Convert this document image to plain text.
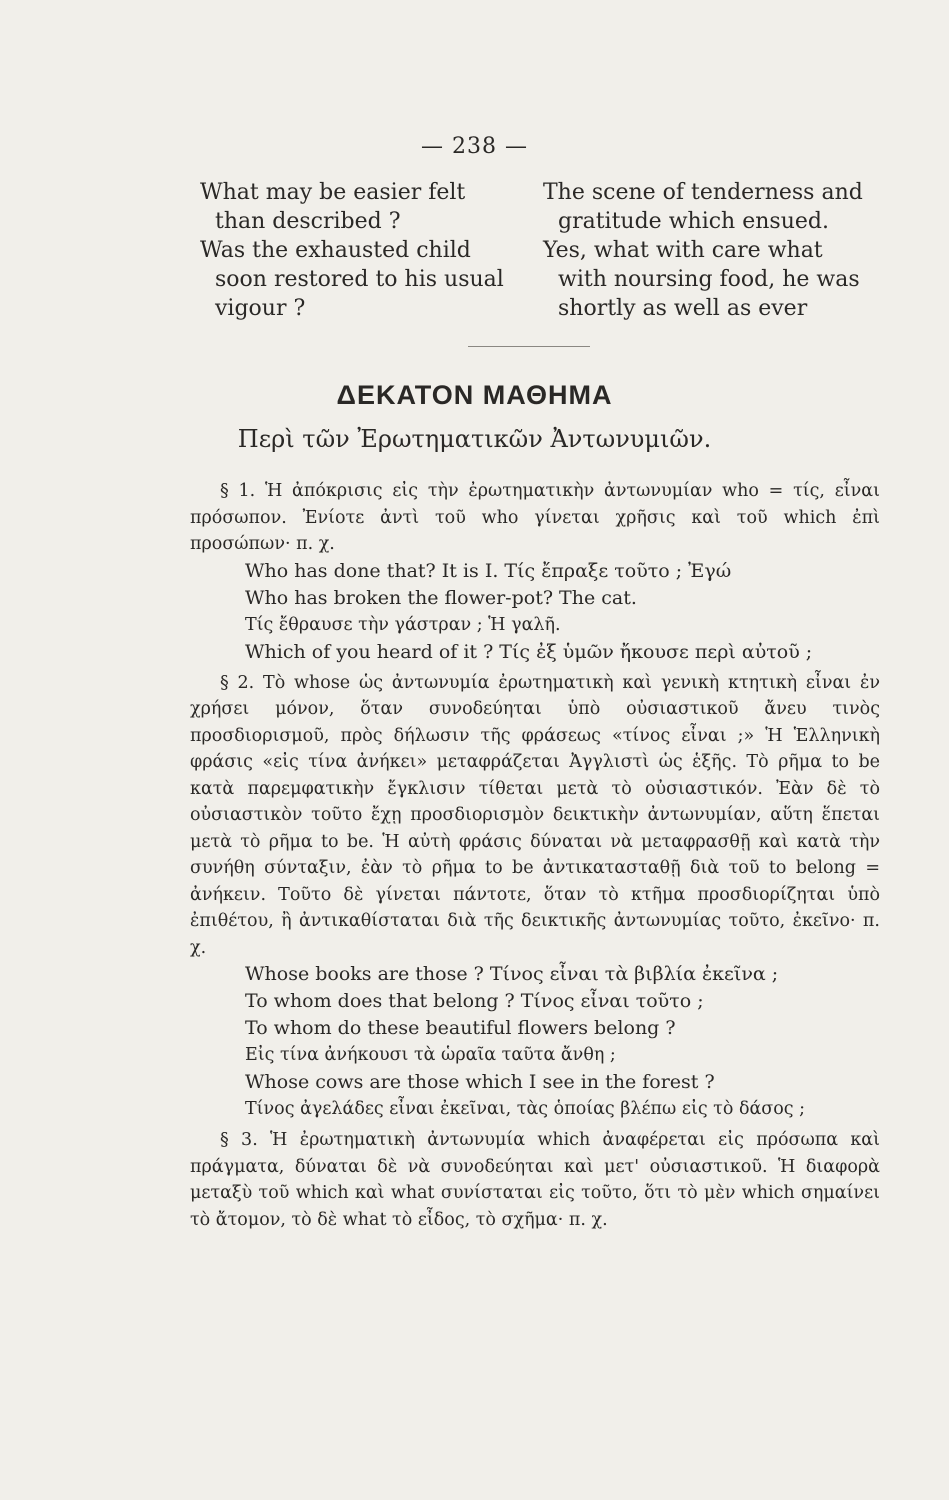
— 238 —

What may be easier felt
than described ?

Was the exhausted child
soon restored to his usual vigour ?

The scene of tenderness and
gratitude which ensued.

Yes, what with care what
with noursing food, he was shortly as well as ever

ΔΕΚΑΤΟΝ ΜΑΘΗΜΑ
Περὶ τῶν Ἐρωτηματικῶν Ἀντωνυμιῶν.

§ 1. Ἡ ἀπόκρισις εἰς τὴν ἐρωτηματικὴν ἀντωνυμίαν who = τίς, εἶναι πρόσωπον. Ἐνίοτε ἀντὶ τοῦ who γίνεται χρῆσις καὶ τοῦ which ἐπὶ προσώπων· π. χ.

Who has done that? It is I. Τίς ἔπραξε τοῦτο ; Ἐγώ

Who has broken the flower-pot? The cat.

Τίς ἔθραυσε τὴν γάστραν ; Ἡ γαλῆ.

Which of you heard of it ? Τίς ἐξ ὑμῶν ἤκουσε περὶ αὐτοῦ ;

§ 2. Τὸ whose ὡς ἀντωνυμία ἐρωτηματικὴ καὶ γενικὴ κτητικὴ εἶναι ἐν χρήσει μόνον, ὅταν συνοδεύηται ὑπὸ οὐσιαστικοῦ ἄνευ τινὸς προσδιορισμοῦ, πρὸς δήλωσιν τῆς φράσεως «τίνος εἶναι ;» Ἡ Ἑλληνικὴ φράσις «εἰς τίνα ἀνήκει» μεταφράζεται Ἀγγλιστὶ ὡς ἑξῆς. Τὸ ρῆμα to be κατὰ παρεμφατικὴν ἔγκλισιν τίθεται μετὰ τὸ οὐσιαστικόν. Ἐὰν δὲ τὸ οὐσιαστικὸν τοῦτο ἔχῃ προσδιορισμὸν δεικτικὴν ἀντωνυμίαν, αὕτη ἕπεται μετὰ τὸ ρῆμα to be. Ἡ αὐτὴ φράσις δύναται νὰ μεταφρασθῇ καὶ κατὰ τὴν συνήθη σύνταξιν, ἐὰν τὸ ρῆμα to be ἀντικατασταθῇ διὰ τοῦ to belong = ἀνήκειν. Τοῦτο δὲ γίνεται πάντοτε, ὅταν τὸ κτῆμα προσδιορίζηται ὑπὸ ἐπιθέτου, ἢ ἀντικαθίσταται διὰ τῆς δεικτικῆς ἀντωνυμίας τοῦτο, ἐκεῖνο· π. χ.

Whose books are those ? Τίνος εἶναι τὰ βιβλία ἐκεῖνα ;

To whom does that belong ? Τίνος εἶναι τοῦτο ;

To whom do these beautiful flowers belong ?

Εἰς τίνα ἀνήκουσι τὰ ὡραῖα ταῦτα ἄνθη ;

Whose cows are those which I see in the forest ?

Τίνος ἀγελάδες εἶναι ἐκεῖναι, τὰς ὁποίας βλέπω εἰς τὸ δάσος ;

§ 3. Ἡ ἐρωτηματικὴ ἀντωνυμία which ἀναφέρεται εἰς πρόσωπα καὶ πράγματα, δύναται δὲ νὰ συνοδεύηται καὶ μετ' οὐσιαστικοῦ. Ἡ διαφορὰ μεταξὺ τοῦ which καὶ what συνίσταται εἰς τοῦτο, ὅτι τὸ μὲν which σημαίνει τὸ ἄτομον, τὸ δὲ what τὸ εἶδος, τὸ σχῆμα· π. χ.
